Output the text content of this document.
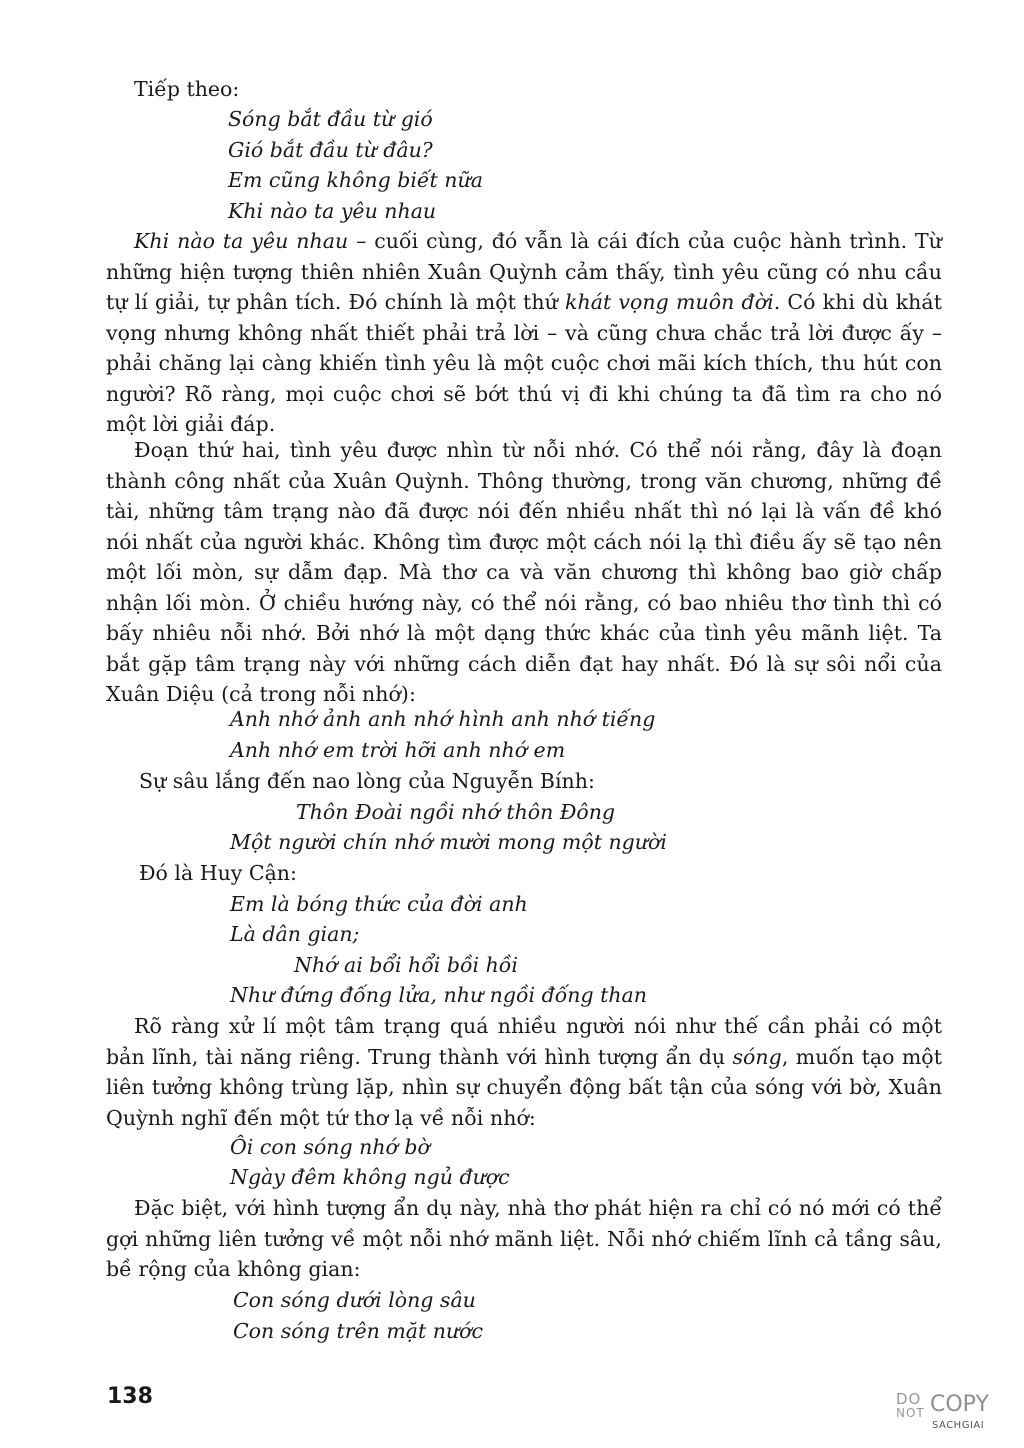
Tiếp theo:
Sóng bắt đầu từ gió
Gió bắt đầu từ đâu?
Em cũng không biết nữa
Khi nào ta yêu nhau

Khi nào ta yêu nhau – cuối cùng, đó vẫn là cái đích của cuộc hành trình. Từ những hiện tượng thiên nhiên Xuân Quỳnh cảm thấy, tình yêu cũng có nhu cầu tự lí giải, tự phân tích. Đó chính là một thứ khát vọng muôn đời. Có khi dù khát vọng nhưng không nhất thiết phải trả lời – và cũng chưa chắc trả lời được ấy – phải chăng lại càng khiến tình yêu là một cuộc chơi mãi kích thích, thu hút con người? Rõ ràng, mọi cuộc chơi sẽ bớt thú vị đi khi chúng ta đã tìm ra cho nó một lời giải đáp.

Đoạn thứ hai, tình yêu được nhìn từ nỗi nhớ. Có thể nói rằng, đây là đoạn thành công nhất của Xuân Quỳnh. Thông thường, trong văn chương, những đề tài, những tâm trạng nào đã được nói đến nhiều nhất thì nó lại là vấn đề khó nói nhất của người khác. Không tìm được một cách nói lạ thì điều ấy sẽ tạo nên một lối mòn, sự dẫm đạp. Mà thơ ca và văn chương thì không bao giờ chấp nhận lối mòn. Ở chiều hướng này, có thể nói rằng, có bao nhiêu thơ tình thì có bấy nhiêu nỗi nhớ. Bởi nhớ là một dạng thức khác của tình yêu mãnh liệt. Ta bắt gặp tâm trạng này với những cách diễn đạt hay nhất. Đó là sự sôi nổi của Xuân Diệu (cả trong nỗi nhớ):

Anh nhớ ảnh anh nhớ hình anh nhớ tiếng
Anh nhớ em trời hỡi anh nhớ em
Sự sâu lắng đến nao lòng của Nguyễn Bính:
Thôn Đoài ngồi nhớ thôn Đông
Một người chín nhớ mười mong một người
Đó là Huy Cận:
Em là bóng thức của đời anh
Là dân gian;
Nhớ ai bổi hổi bồi hồi
Như đứng đống lửa, như ngồi đống than

Rõ ràng xử lí một tâm trạng quá nhiều người nói như thế cần phải có một bản lĩnh, tài năng riêng. Trung thành với hình tượng ẩn dụ sóng, muốn tạo một liên tưởng không trùng lặp, nhìn sự chuyển động bất tận của sóng với bờ, Xuân Quỳnh nghĩ đến một tứ thơ lạ về nỗi nhớ:

Ôi con sóng nhớ bờ
Ngày đêm không ngủ được

Đặc biệt, với hình tượng ẩn dụ này, nhà thơ phát hiện ra chỉ có nó mới có thể gợi những liên tưởng về một nỗi nhớ mãnh liệt. Nỗi nhớ chiếm lĩnh cả tầng sâu, bề rộng của không gian:

Con sóng dưới lòng sâu
Con sóng trên mặt nước
138	DO
NOT COPY
SACHGIAI
